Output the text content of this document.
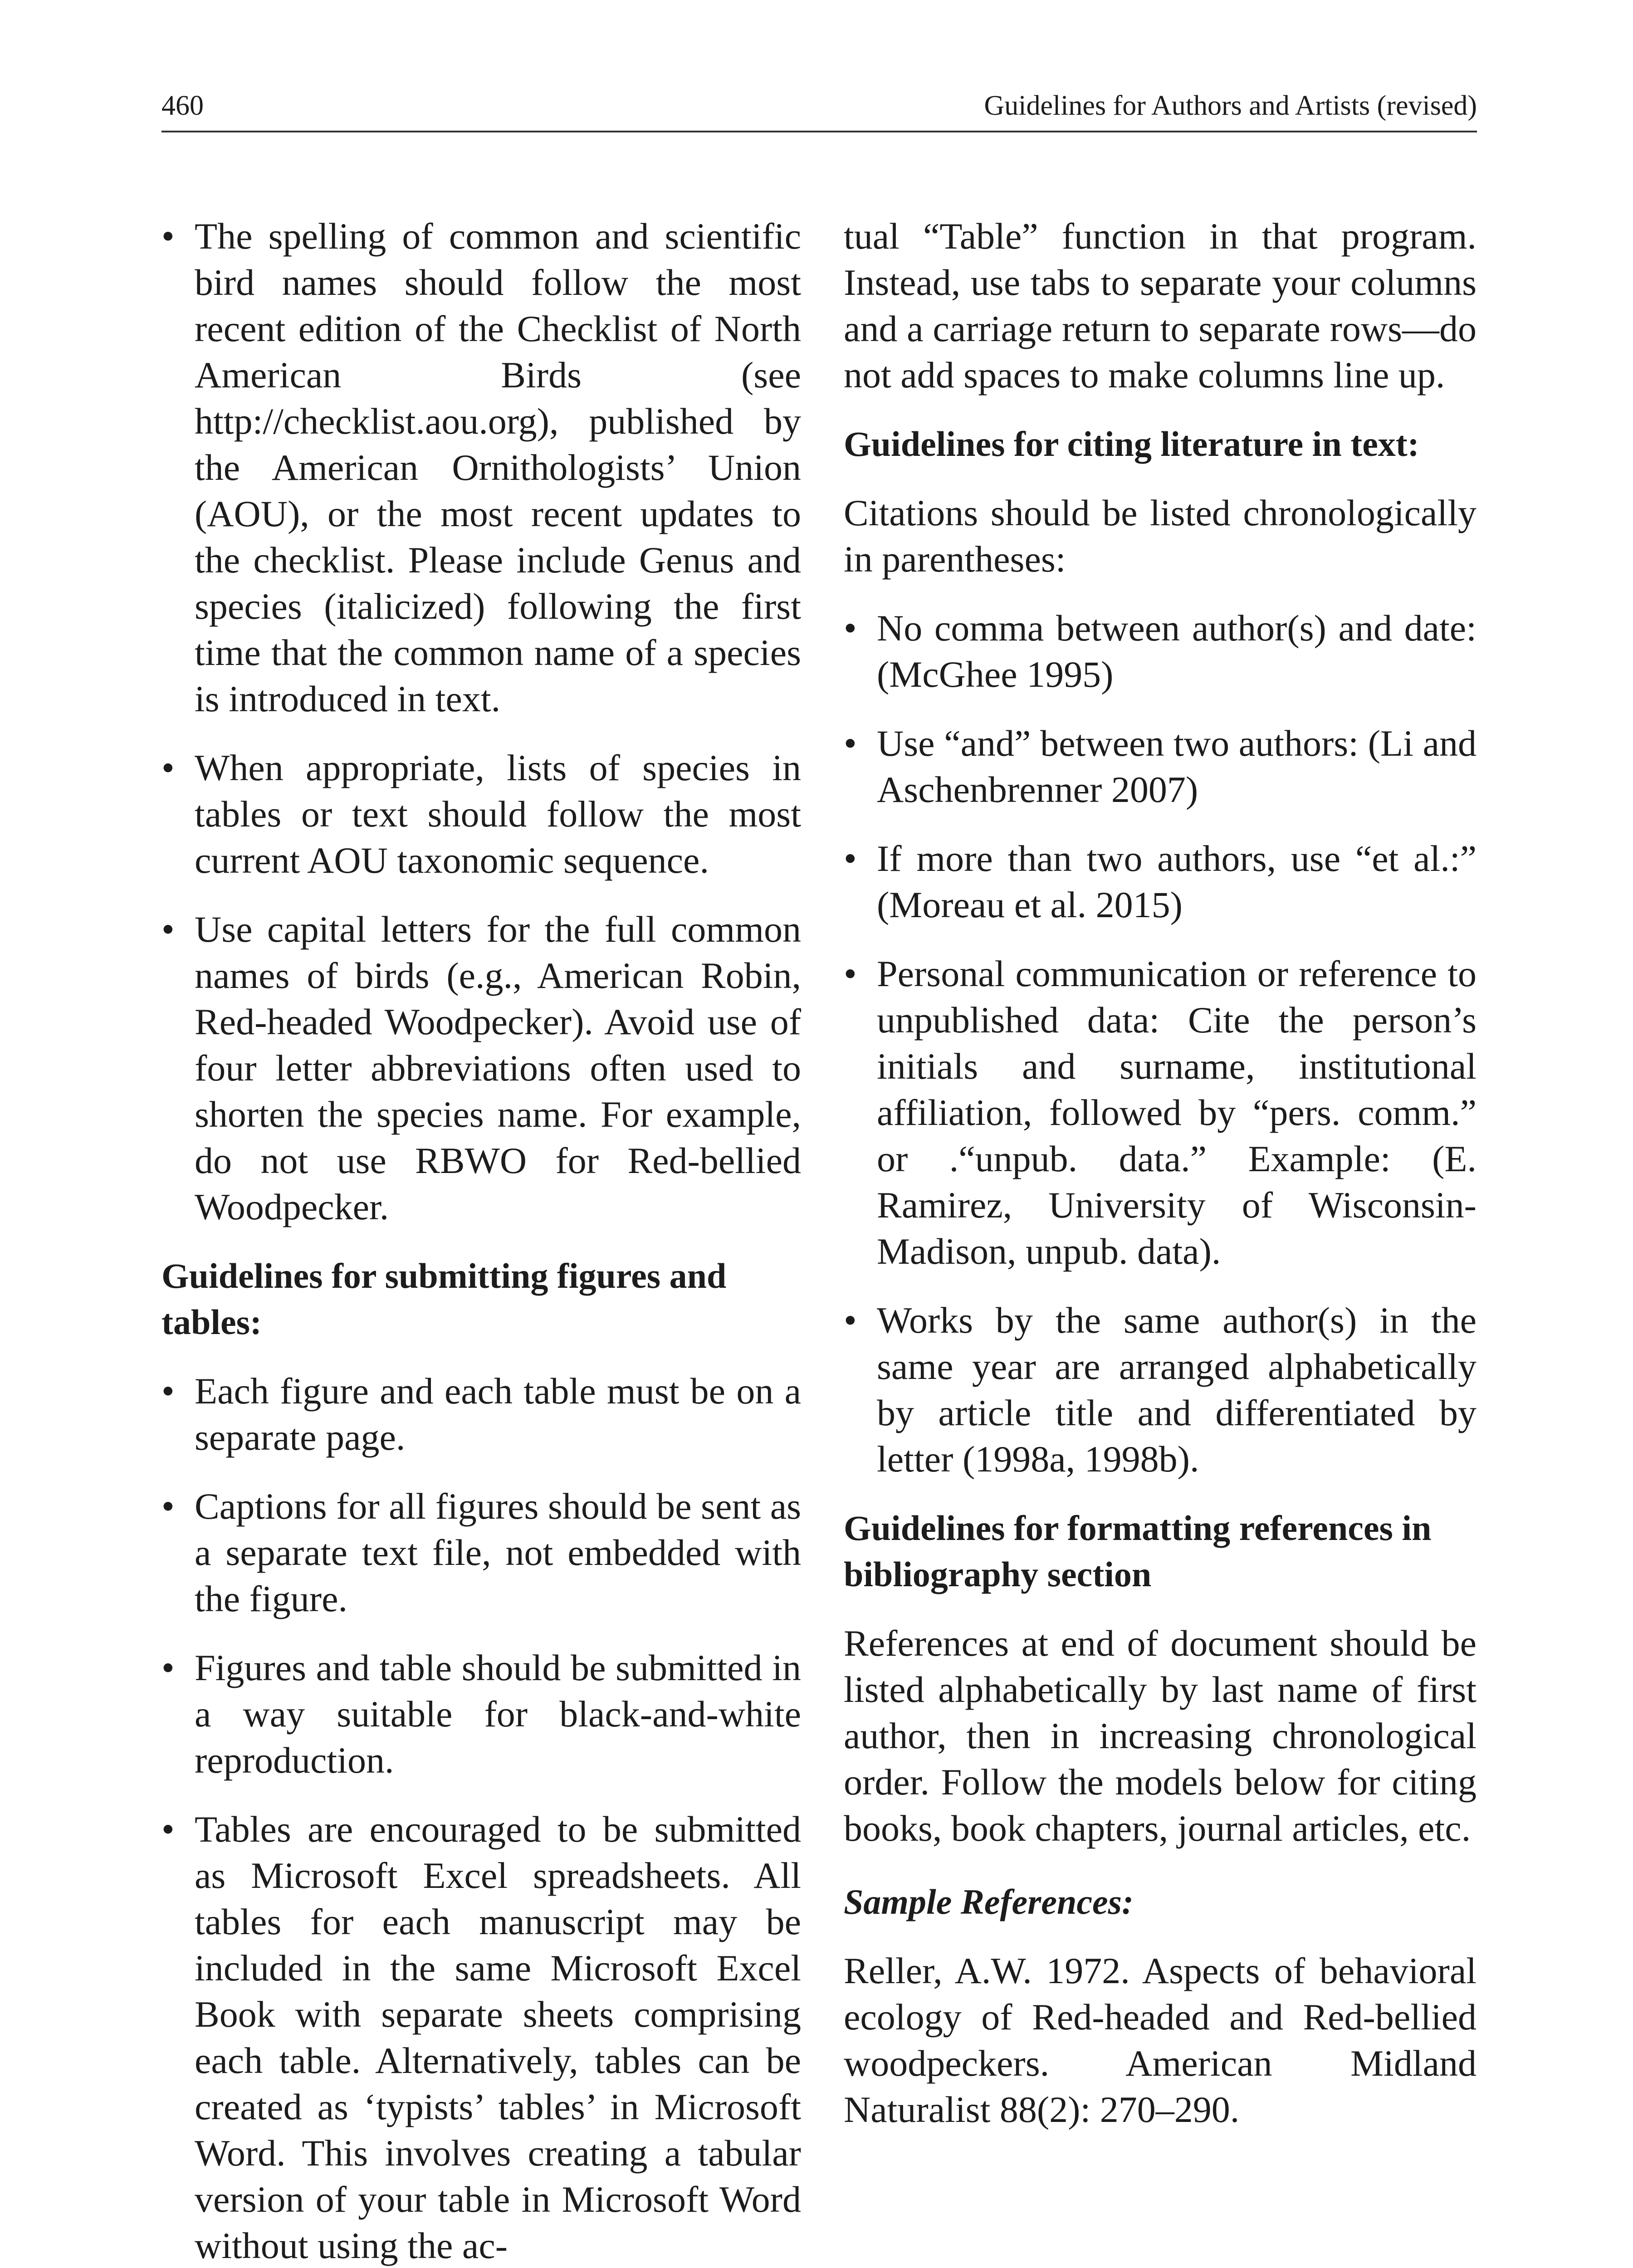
460	Guidelines for Authors and Artists (revised)
• The spelling of common and scientific bird names should follow the most recent edition of the Checklist of North American Birds (see http://checklist.aou.org), published by the American Ornithologists’ Union (AOU), or the most recent updates to the checklist. Please include Genus and species (italicized) following the first time that the common name of a species is introduced in text.
• When appropriate, lists of species in tables or text should follow the most current AOU taxonomic sequence.
• Use capital letters for the full common names of birds (e.g., American Robin, Red-headed Woodpecker). Avoid use of four letter abbreviations often used to shorten the species name. For example, do not use RBWO for Red-bellied Woodpecker.
Guidelines for submitting figures and tables:
• Each figure and each table must be on a separate page.
• Captions for all figures should be sent as a separate text file, not embedded with the figure.
• Figures and table should be submitted in a way suitable for black-and-white reproduction.
• Tables are encouraged to be submitted as Microsoft Excel spreadsheets. All tables for each manuscript may be included in the same Microsoft Excel Book with separate sheets comprising each table. Alternatively, tables can be created as ‘typists’ tables’ in Microsoft Word. This involves creating a tabular version of your table in Microsoft Word without using the ac-
tual “Table” function in that program. Instead, use tabs to separate your columns and a carriage return to separate rows—do not add spaces to make columns line up.
Guidelines for citing literature in text:
Citations should be listed chronologically in parentheses:
• No comma between author(s) and date: (McGhee 1995)
• Use “and” between two authors: (Li and Aschenbrenner 2007)
• If more than two authors, use “et al.:” (Moreau et al. 2015)
• Personal communication or reference to unpublished data: Cite the person’s initials and surname, institutional affiliation, followed by “pers. comm.” or .“unpub. data.” Example: (E. Ramirez, University of Wisconsin-Madison, unpub. data).
• Works by the same author(s) in the same year are arranged alphabetically by article title and differentiated by letter (1998a, 1998b).
Guidelines for formatting references in bibliography section
References at end of document should be listed alphabetically by last name of first author, then in increasing chronological order. Follow the models below for citing books, book chapters, journal articles, etc.
Sample References:
Reller, A.W. 1972. Aspects of behavioral ecology of Red-headed and Red-bellied woodpeckers. American Midland Naturalist 88(2): 270–290.
